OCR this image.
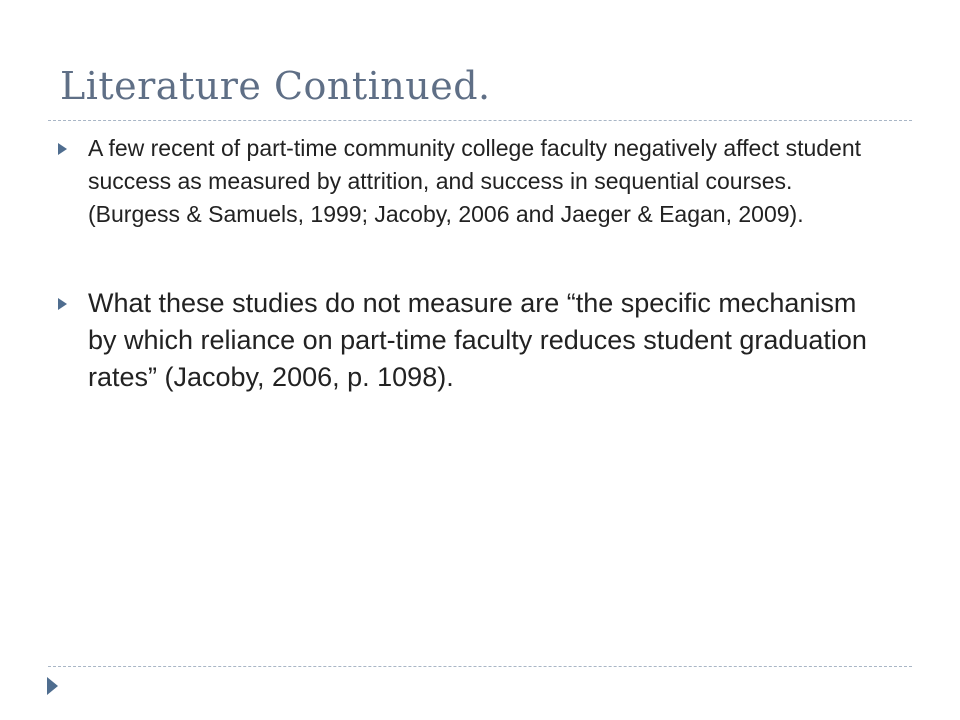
Literature Continued.
A few recent of part-time community college faculty negatively affect student success as measured by attrition, and success in sequential courses. (Burgess & Samuels, 1999; Jacoby, 2006 and Jaeger & Eagan, 2009).
What these studies do not measure are “the specific mechanism by which reliance on part-time faculty reduces student graduation rates” (Jacoby, 2006, p. 1098).
